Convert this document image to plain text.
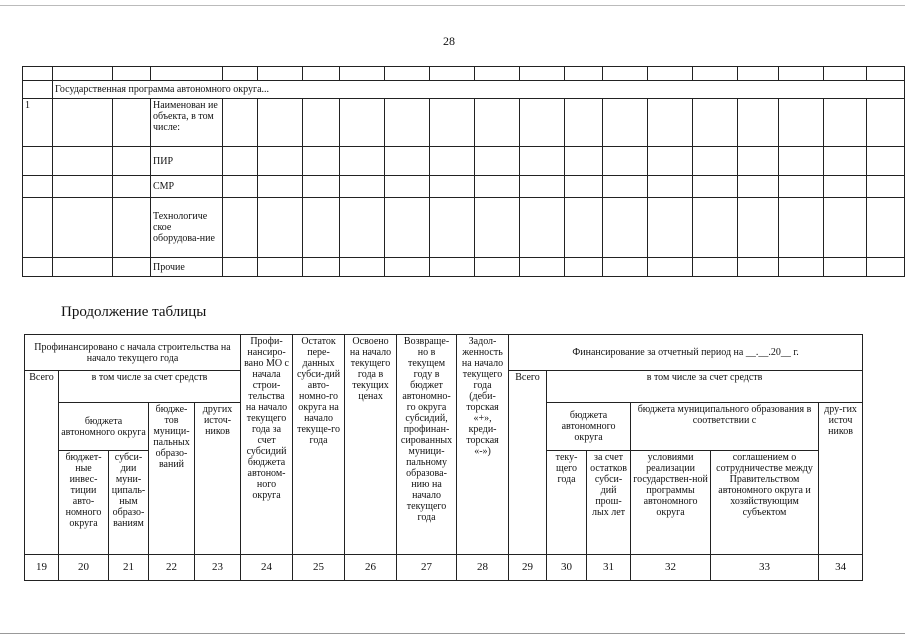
28

	Государственная программа автономного округа...																		
1			Наименован ие объекта, в том числе:																
			ПИР																
			СМР																
			Технологиче ское оборудова-ние																
			Прочие																
Продолжение таблицы
Профинансировано с начала строительства на начало текущего года					Профи-нансиро-вано МО с начала строи-тельства на начало текущего года за счет субсидий бюджета автоном-ного округа	Остаток пере-данных субси-дий авто-номно-го округа на начало текуще-го года	Освоено на начало текущего года в текущих ценах	Возвраще-но в текущем году в бюджет автономно-го округа субсидий, профинан-сированных муници-пальному образова-нию на начало текущего года	Задол-женность на начало текущего года (деби-торская «+», креди-торская «-»)	Финансирование за отчетный период на __.__.20__ г.					
Всего	в том числе за счет средств									Всего	в том числе за счет средств				
	бюджета автономного округа		бюдже-тов муници-пальных образо-ваний	других источ-ников							бюджета автономного округа		бюджета муниципального образования в соответствии с		дру-гих источ ников
	бюджет-ные инвес-тиции авто-номного округа	субси-дии муни-ципаль-ным образо-ваниям									теку-щего года	за счет остатков субси-дий прош-лых лет	условиями реализации государствен-ной программы автономного округа	соглашением о сотрудничестве между Правительством автономного округа и хозяйствующим субъектом	
19	20	21	22	23	24	25	26	27	28	29	30	31	32	33	34
